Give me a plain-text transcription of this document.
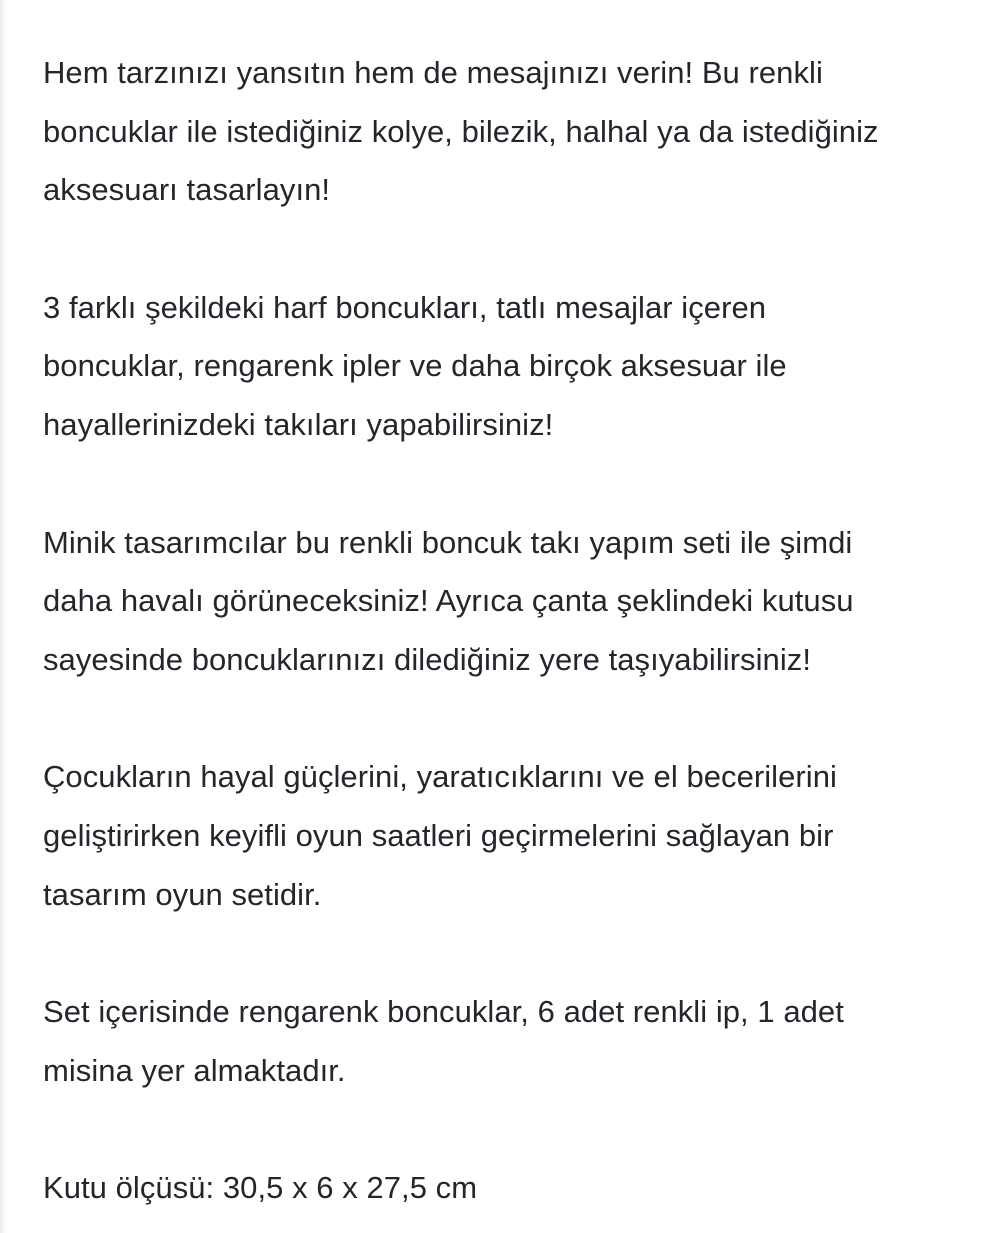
Hem tarzınızı yansıtın hem de mesajınızı verin! Bu renkli
boncuklar ile istediğiniz kolye, bilezik, halhal ya da istediğiniz
aksesuarı tasarlayın!

3 farklı şekildeki harf boncukları, tatlı mesajlar içeren
boncuklar, rengarenk ipler ve daha birçok aksesuar ile
hayallerinizdeki takıları yapabilirsiniz!

Minik tasarımcılar bu renkli boncuk takı yapım seti ile şimdi
daha havalı görüneceksiniz! Ayrıca çanta şeklindeki kutusu
sayesinde boncuklarınızı dilediğiniz yere taşıyabilirsiniz!

Çocukların hayal güçlerini, yaratıcıklarını ve el becerilerini
geliştirirken keyifli oyun saatleri geçirmelerini sağlayan bir
tasarım oyun setidir.

Set içerisinde rengarenk boncuklar, 6 adet renkli ip, 1 adet
misina yer almaktadır.

Kutu ölçüsü: 30,5 x 6 x 27,5 cm
